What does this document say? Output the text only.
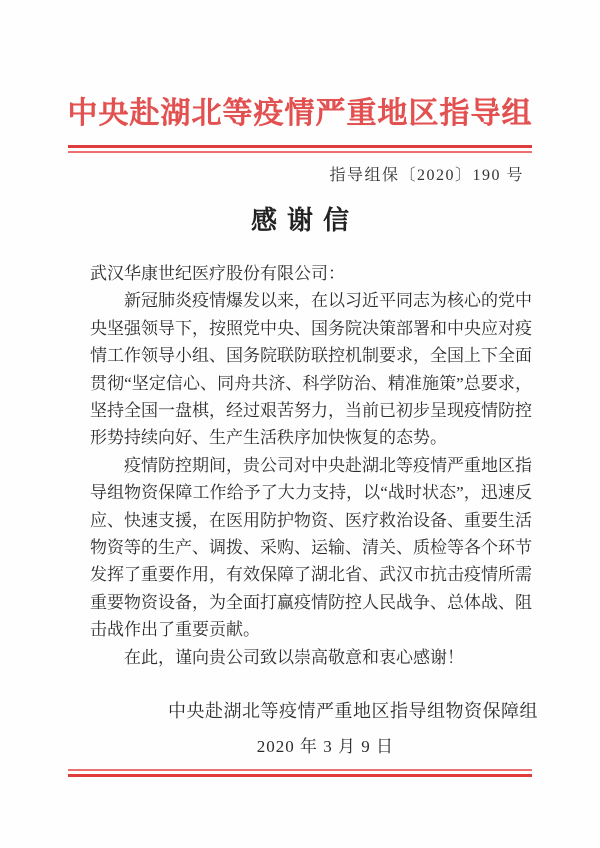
中央赴湖北等疫情严重地区指导组
指导组保〔2020〕190 号
感谢信

武汉华康世纪医疗股份有限公司：

新冠肺炎疫情爆发以来，在以习近平同志为核心的党中央坚强领导下，按照党中央、国务院决策部署和中央应对疫情工作领导小组、国务院联防联控机制要求，全国上下全面贯彻“坚定信心、同舟共济、科学防治、精准施策”总要求，坚持全国一盘棋，经过艰苦努力，当前已初步呈现疫情防控形势持续向好、生产生活秩序加快恢复的态势。

疫情防控期间，贵公司对中央赴湖北等疫情严重地区指导组物资保障工作给予了大力支持，以“战时状态”，迅速反应、快速支援，在医用防护物资、医疗救治设备、重要生活物资等的生产、调拨、采购、运输、清关、质检等各个环节发挥了重要作用，有效保障了湖北省、武汉市抗击疫情所需重要物资设备，为全面打赢疫情防控人民战争、总体战、阻击战作出了重要贡献。

在此，谨向贵公司致以崇高敬意和衷心感谢！

中央赴湖北等疫情严重地区指导组物资保障组
2020 年 3 月 9 日
